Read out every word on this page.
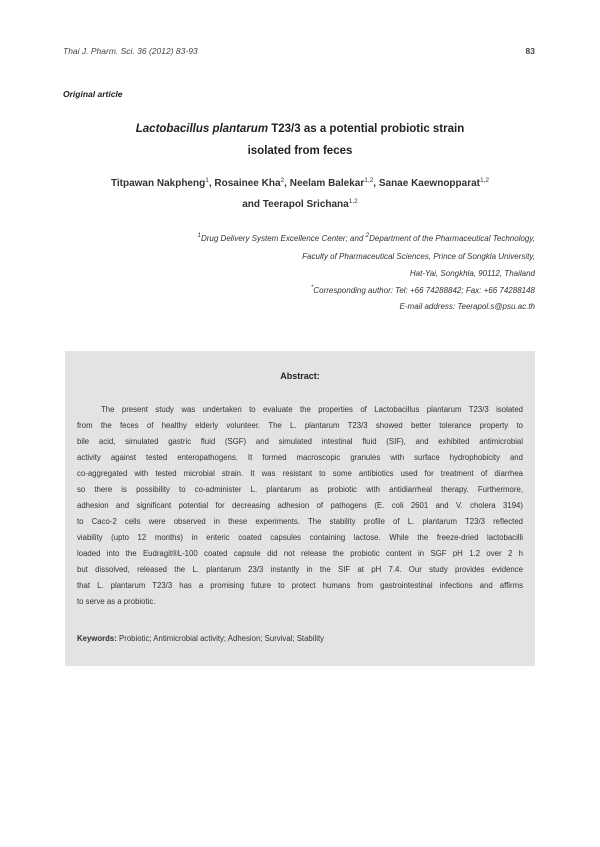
Thai J. Pharm. Sci. 36 (2012) 83-93	83
Original article
Lactobacillus plantarum T23/3 as a potential probiotic strain
isolated from feces
Titpawan Nakpheng$^1$, Rosainee Kha$^2$, Neelam Balekar$^{1,2}$, Sanae Kaewnopparat$^{1,2}$
and Teerapol Srichana$^{1,2}$
$^1$Drug Delivery System Excellence Center; and $^2$Department of the Pharmaceutical Technology,
Faculty of Pharmaceutical Sciences, Prince of Songkla University,
Hat-Yai, Songkhla, 90112, Thailand
*Corresponding author: Tel: +66 74288842; Fax: +66 74288148
E-mail address: Teerapol.s@psu.ac.th
Abstract:
The present study was undertaken to evaluate the properties of Lactobacillus plantarum T23/3 isolated
from the feces of healthy elderly volunteer. The L. plantarum T23/3 showed better tolerance property to
bile acid, simulated gastric fluid (SGF) and simulated intestinal fluid (SIF), and exhibited antimicrobial
activity against tested enteropathogens. It formed macroscopic granules with surface hydrophobicity and
co-aggregated with tested microbial strain. It was resistant to some antibiotics used for treatment of diarrhea
so there is possibility to co-administer L. plantarum as probiotic with antidiarrheal therapy. Furthermore,
adhesion and significant potential for decreasing adhesion of pathogens (E. coli 2601 and V. cholera 3194)
to Caco-2 cells were observed in these experiments. The stability profile of L. plantarum T23/3 reflected
viability (upto 12 months) in enteric coated capsules containing lactose. While the freeze-dried lactobacilli
loaded into the Eudragit®L-100 coated capsule did not release the probiotic content in SGF pH 1.2 over 2 h
but dissolved, released the L. plantarum 23/3 instantly in the SIF at pH 7.4. Our study provides evidence
that L. plantarum T23/3 has a promising future to protect humans from gastrointestinal infections and affirms
to serve as a probiotic.
Keywords: Probiotic; Antimicrobial activity; Adhesion; Survival; Stability
